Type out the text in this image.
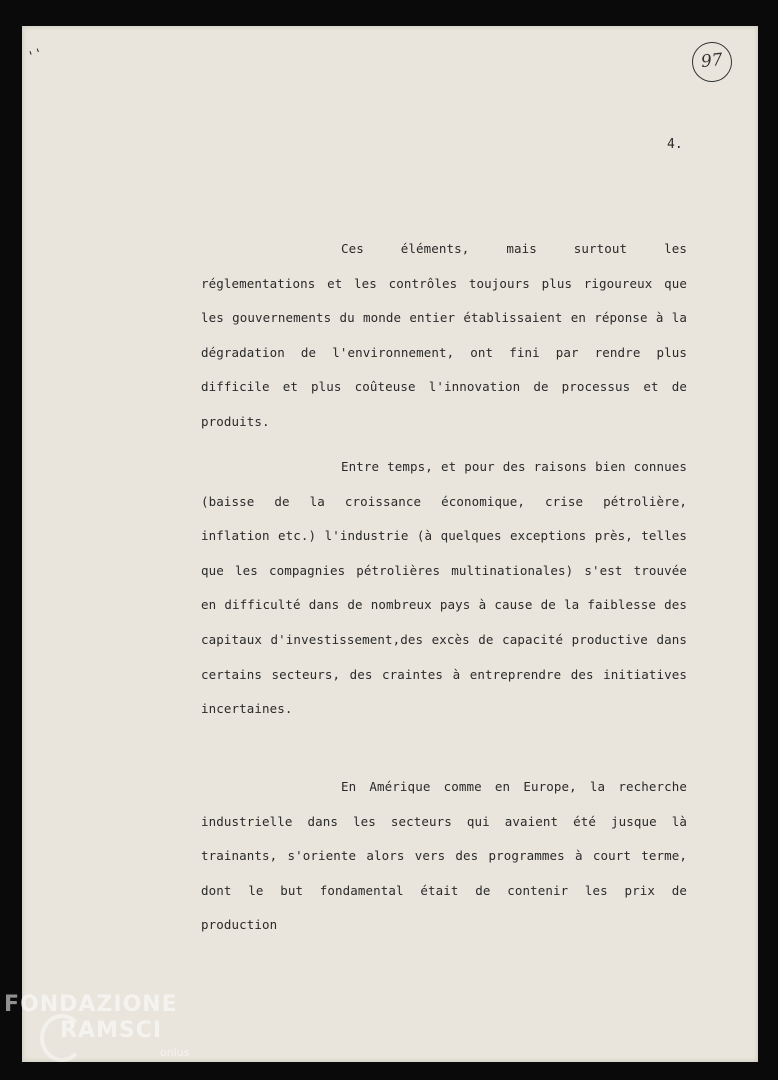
' '	97
4.

Ces éléments, mais surtout les réglementations et les contrôles toujours plus rigoureux que les gouvernements du monde entier établissaient en réponse à la dégradation de l'environnement, ont fini par rendre plus difficile et plus coûteuse l'innovation de processus et de produits.

Entre temps, et pour des raisons bien connues (baisse de la croissance économique, crise pétrolière, inflation etc.) l'industrie (à quelques exceptions près, telles que les compagnies pétrolières multinationales) s'est trouvée en difficulté dans de nombreux pays à cause de la faiblesse des capitaux d'investissement,des excès de capacité productive dans certains secteurs, des craintes à entreprendre des initiatives incertaines.

En Amérique comme en Europe, la recherche industrielle dans les secteurs qui avaient été jusque là trainants, s'oriente alors vers des programmes à court terme, dont le but fondamental était de contenir les prix de production

FONDAZIONE
RAMSCI
onlus
